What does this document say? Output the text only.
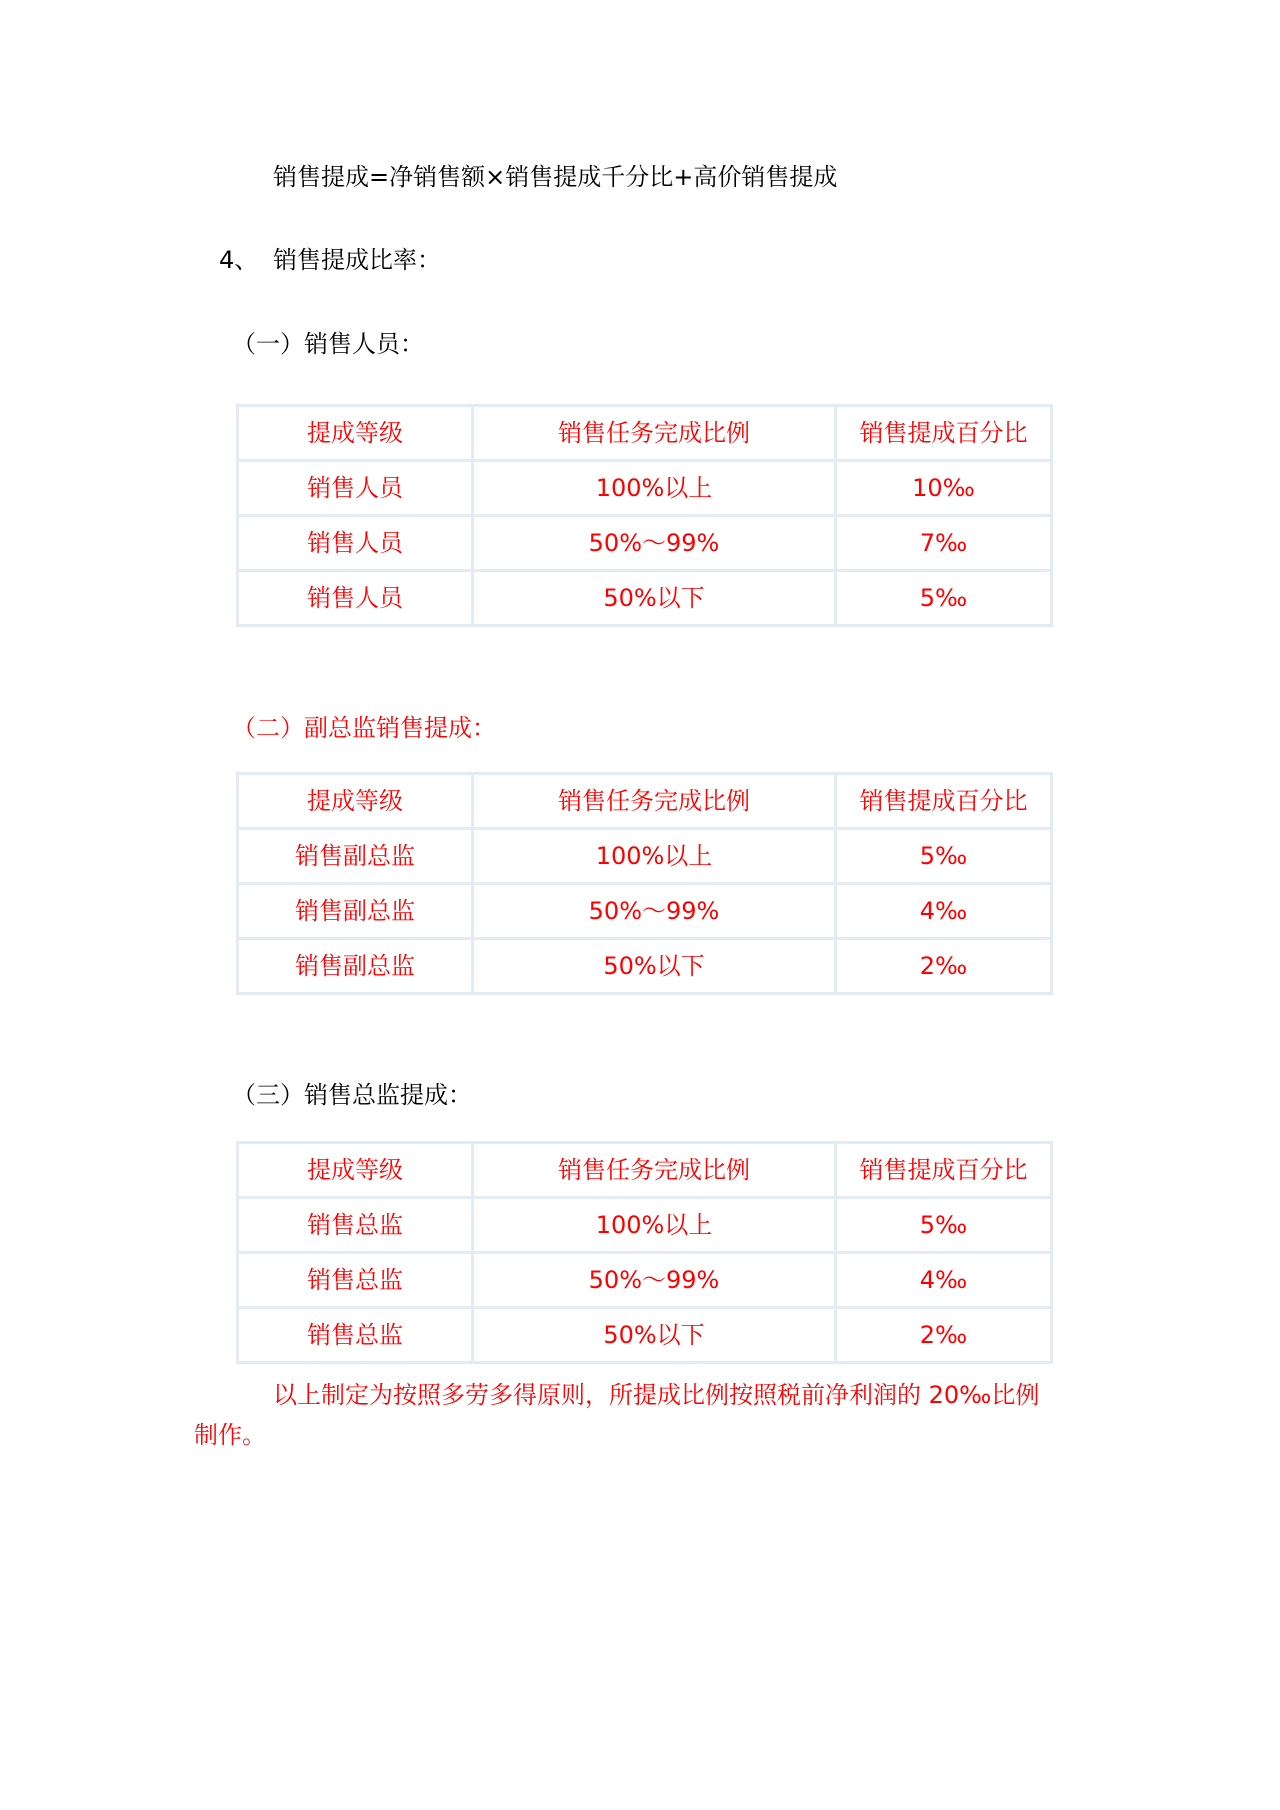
销售提成=净销售额×销售提成千分比+高价销售提成
4、 销售提成比率：
（一）销售人员：
提成等级	销售任务完成比例	销售提成百分比
销售人员	100%以上	10‰
销售人员	50%～99%	7‰
销售人员	50%以下	5‰
（二）副总监销售提成：
提成等级	销售任务完成比例	销售提成百分比
销售副总监	100%以上	5‰
销售副总监	50%～99%	4‰
销售副总监	50%以下	2‰
（三）销售总监提成：
提成等级	销售任务完成比例	销售提成百分比
销售总监	100%以上	5‰
销售总监	50%～99%	4‰
销售总监	50%以下	2‰
以上制定为按照多劳多得原则，所提成比例按照税前净利润的 20‰比例
制作。
